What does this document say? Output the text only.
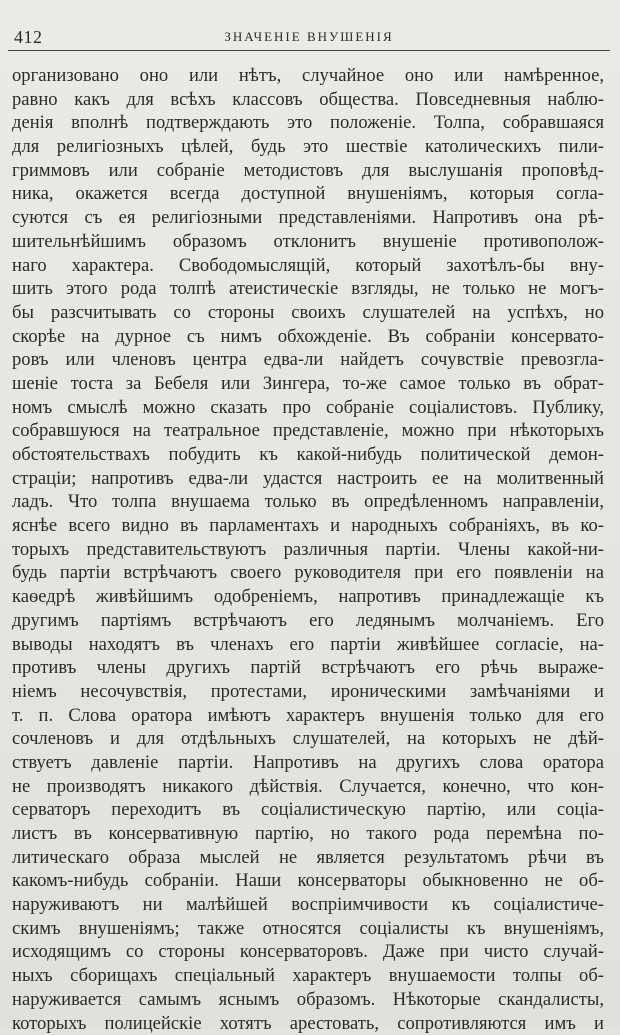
412	ЗНАЧЕНІЕ ВНУШЕНІЯ
организовано оно или нѣтъ, случайное оно или намѣренное,
равно какъ для всѣхъ классовъ общества. Повседневныя наблю-
денія вполнѣ подтверждають это положеніе. Толпа, собравшаяся
для религіозныхъ цѣлей, будь это шествіе католическихъ пили-
гриммовъ или собраніе методистовъ для выслушанія проповѣд-
ника, окажется всегда доступной внушеніямъ, которыя согла-
суются съ ея религіозными представленіями. Напротивъ она рѣ-
шительнѣйшимъ образомъ отклонитъ внушеніе противополож-
наго характера. Свободомыслящій, который захотѣлъ-бы вну-
шить этого рода толпѣ атеистическіе взгляды, не только не могъ-
бы разсчитывать со стороны своихъ слушателей на успѣхъ, но
скорѣе на дурное съ нимъ обхожденіе. Въ собраніи консервато-
ровъ или членовъ центра едва-ли найдетъ сочувствіе превозгла-
шеніе тоста за Бебеля или Зингера, то-же самое только въ обрат-
номъ смыслѣ можно сказать про собраніе соціалистовъ. Публику,
собравшуюся на театральное представленіе, можно при нѣкоторыхъ
обстоятельствахъ побудить къ какой-нибудь политической демон-
страціи; напротивъ едва-ли удастся настроить ее на молитвенный
ладъ. Что толпа внушаема только въ опредѣленномъ направленіи,
яснѣе всего видно въ парламентахъ и народныхъ собраніяхъ, въ ко-
торыхъ представительствуютъ различныя партіи. Члены какой-ни-
будь партіи встрѣчаютъ своего руководителя при его появленіи на
каѳедрѣ живѣйшимъ одобреніемъ, напротивъ принадлежащіе къ
другимъ партіямъ встрѣчаютъ его ледянымъ молчаніемъ. Его
выводы находятъ въ членахъ его партіи живѣйшее согласіе, на-
противъ члены другихъ партій встрѣчаютъ его рѣчь выраже-
ніемъ несочувствія, протестами, ироническими замѣчаніями и
т. п. Слова оратора имѣютъ характеръ внушенія только для его
сочленовъ и для отдѣльныхъ слушателей, на которыхъ не дѣй-
ствуетъ давленіе партіи. Напротивъ на другихъ слова оратора
не производятъ никакого дѣйствія. Случается, конечно, что кон-
серваторъ переходитъ въ соціалистическую партію, или соціа-
листъ въ консервативную партію, но такого рода перемѣна по-
литическаго образа мыслей не является результатомъ рѣчи въ
какомъ-нибудь собраніи. Наши консерваторы обыкновенно не об-
наруживаютъ ни малѣйшей воспріимчивости къ соціалистиче-
скимъ внушеніямъ; также относятся соціалисты къ внушеніямъ,
исходящимъ со стороны консерваторовъ. Даже при чисто случай-
ныхъ сборищахъ спеціальный характеръ внушаемости толпы об-
наруживается самымъ яснымъ образомъ. Нѣкоторые скандалисты,
которыхъ полицейскіе хотятъ арестовать, сопротивляются имъ и
